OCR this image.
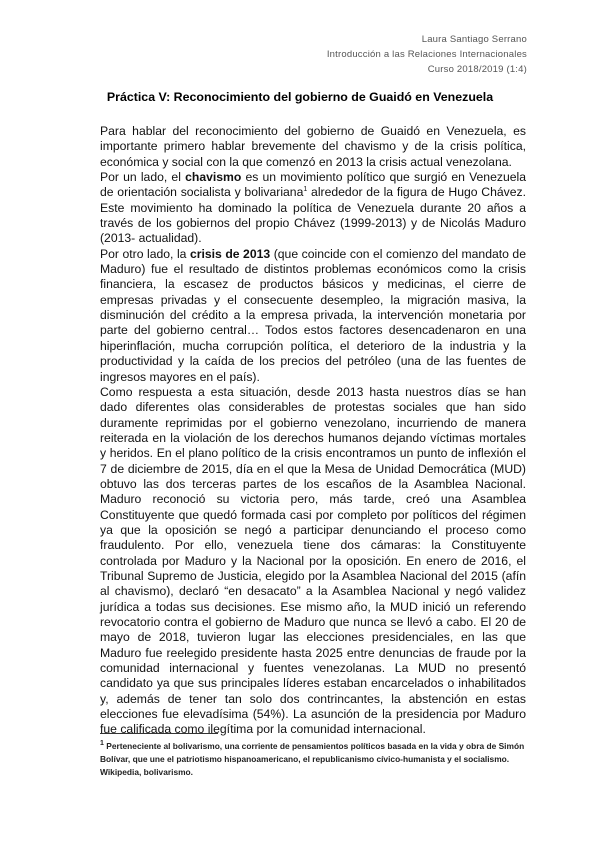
Laura Santiago Serrano
Introducción a las Relaciones Internacionales
Curso 2018/2019 (1:4)
Práctica V: Reconocimiento del gobierno de Guaidó en Venezuela

Para hablar del reconocimiento del gobierno de Guaidó en Venezuela, es importante primero hablar brevemente del chavismo y de la crisis política, económica y social con la que comenzó en 2013 la crisis actual venezolana.

Por un lado, el chavismo es un movimiento político que surgió en Venezuela de orientación socialista y bolivariana$^1$ alrededor de la figura de Hugo Chávez. Este movimiento ha dominado la política de Venezuela durante 20 años a través de los gobiernos del propio Chávez (1999-2013) y de Nicolás Maduro (2013- actualidad).

Por otro lado, la crisis de 2013 (que coincide con el comienzo del mandato de Maduro) fue el resultado de distintos problemas económicos como la crisis financiera, la escasez de productos básicos y medicinas, el cierre de empresas privadas y el consecuente desempleo, la migración masiva, la disminución del crédito a la empresa privada, la intervención monetaria por parte del gobierno central… Todos estos factores desencadenaron en una hiperinflación, mucha corrupción política, el deterioro de la industria y la productividad y la caída de los precios del petróleo (una de las fuentes de ingresos mayores en el país).

Como respuesta a esta situación, desde 2013 hasta nuestros días se han dado diferentes olas considerables de protestas sociales que han sido duramente reprimidas por el gobierno venezolano, incurriendo de manera reiterada en la violación de los derechos humanos dejando víctimas mortales y heridos. En el plano político de la crisis encontramos un punto de inflexión el 7 de diciembre de 2015, día en el que la Mesa de Unidad Democrática (MUD) obtuvo las dos terceras partes de los escaños de la Asamblea Nacional. Maduro reconoció su victoria pero, más tarde, creó una Asamblea Constituyente que quedó formada casi por completo por políticos del régimen ya que la oposición se negó a participar denunciando el proceso como fraudulento. Por ello, venezuela tiene dos cámaras: la Constituyente controlada por Maduro y la Nacional por la oposición. En enero de 2016, el Tribunal Supremo de Justicia, elegido por la Asamblea Nacional del 2015 (afín al chavismo), declaró “en desacato” a la Asamblea Nacional y negó validez jurídica a todas sus decisiones. Ese mismo año, la MUD inició un referendo revocatorio contra el gobierno de Maduro que nunca se llevó a cabo. El 20 de mayo de 2018, tuvieron lugar las elecciones presidenciales, en las que Maduro fue reelegido presidente hasta 2025 entre denuncias de fraude por la comunidad internacional y fuentes venezolanas. La MUD no presentó candidato ya que sus principales líderes estaban encarcelados o inhabilitados y, además de tener tan solo dos contrincantes, la abstención en estas elecciones fue elevadísima (54%). La asunción de la presidencia por Maduro fue calificada como ilegítima por la comunidad internacional.

$^1$ Perteneciente al bolivarismo, una corriente de pensamientos políticos basada en la vida y obra de Simón Bolívar, que une el patriotismo hispanoamericano, el republicanismo cívico-humanista y el socialismo. Wikipedia, bolivarismo.
